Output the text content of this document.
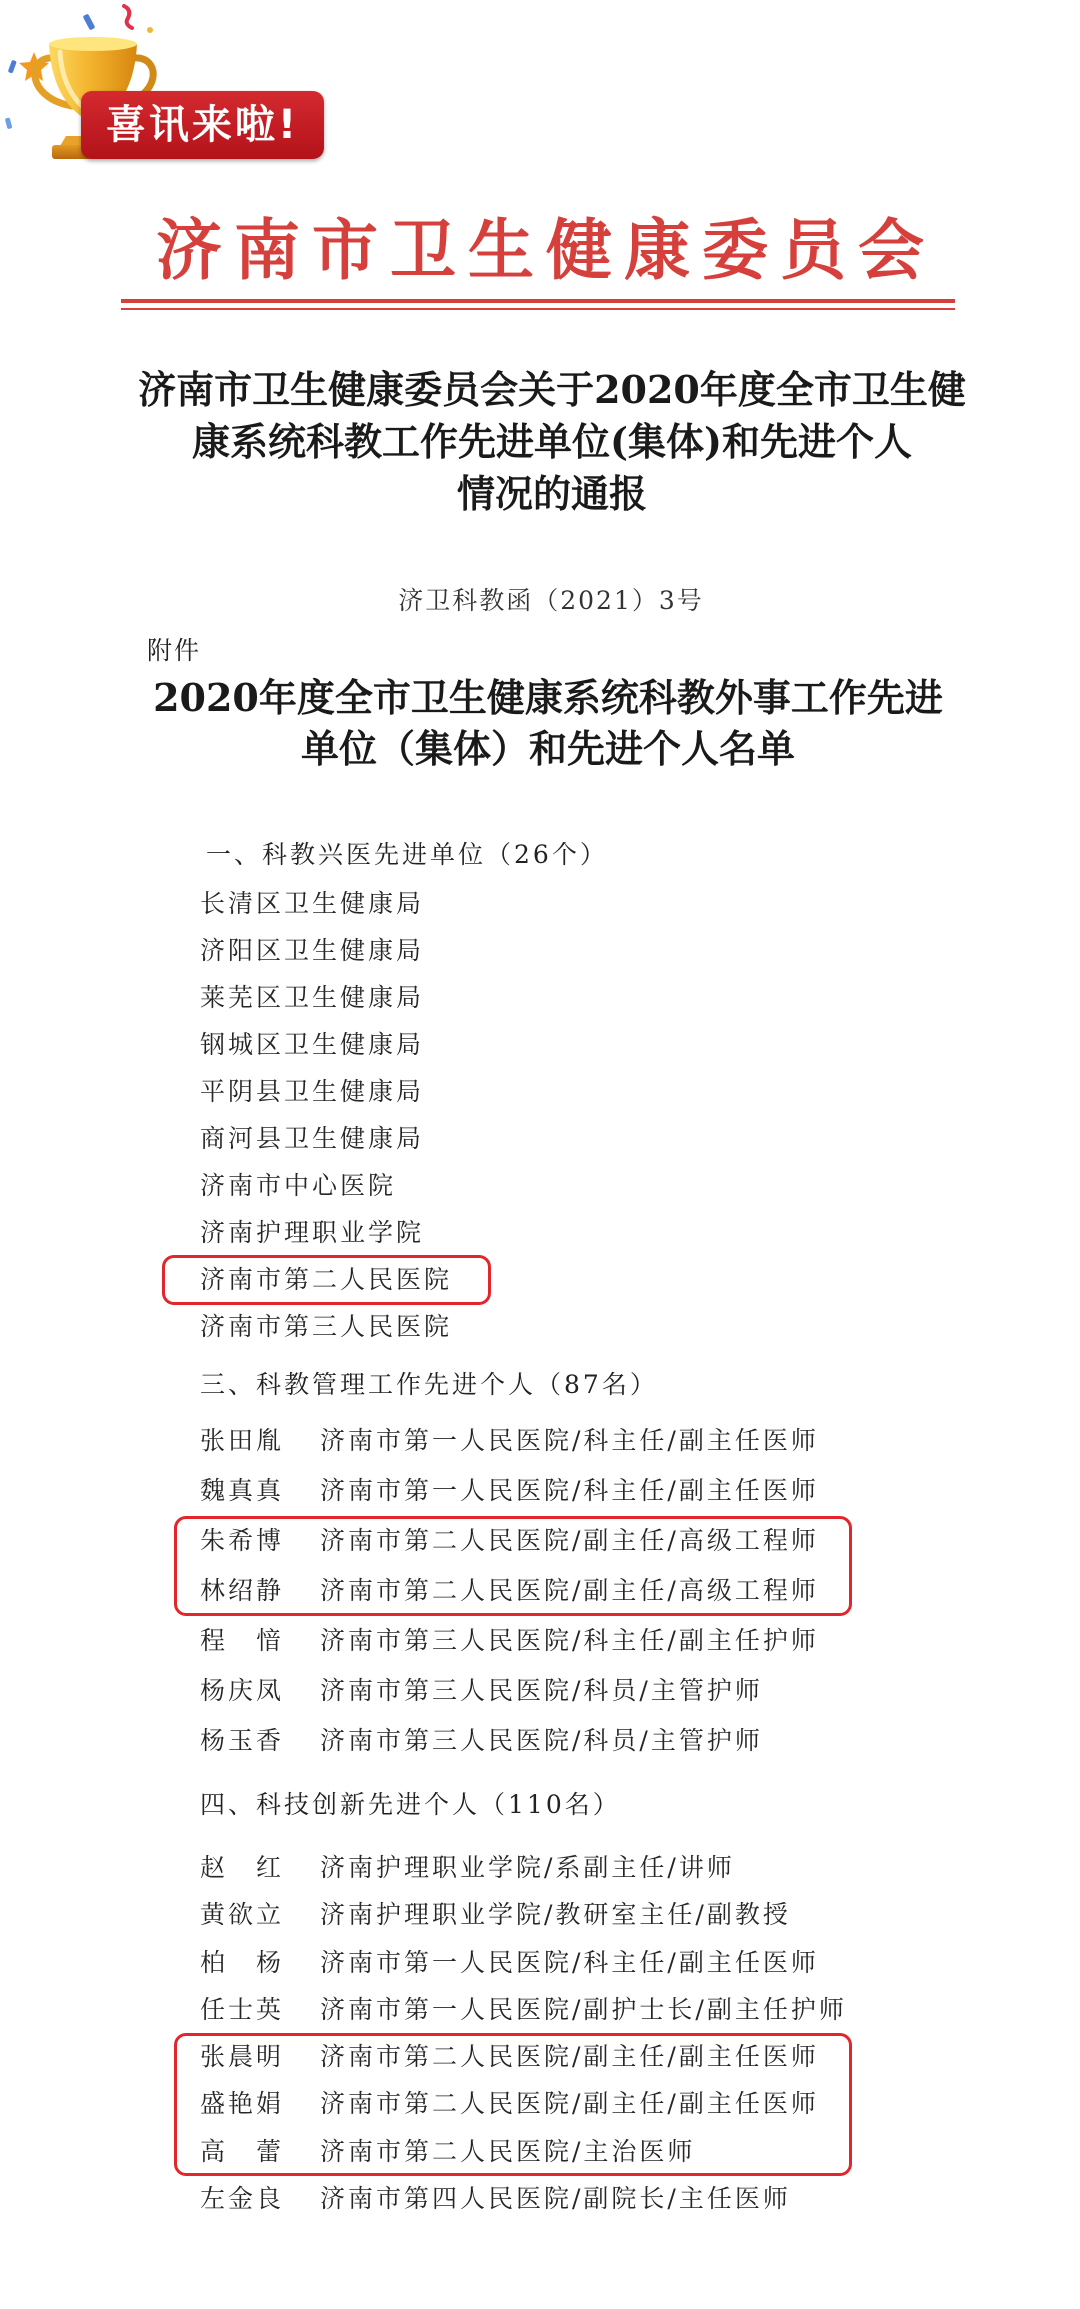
喜讯来啦!
济南市卫生健康委员会
济南市卫生健康委员会关于2020年度全市卫生健
康系统科教工作先进单位(集体)和先进个人
情况的通报
济卫科教函（2021）3号
附件
2020年度全市卫生健康系统科教外事工作先进
单位（集体）和先进个人名单
一、科教兴医先进单位（26个）
长清区卫生健康局
济阳区卫生健康局
莱芜区卫生健康局
钢城区卫生健康局
平阴县卫生健康局
商河县卫生健康局
济南市中心医院
济南护理职业学院
济南市第二人民医院
济南市第三人民医院
三、科教管理工作先进个人（87名）
张田胤 济南市第一人民医院/科主任/副主任医师
魏真真 济南市第一人民医院/科主任/副主任医师
朱希博 济南市第二人民医院/副主任/高级工程师
林绍静 济南市第二人民医院/副主任/高级工程师
程　愔 济南市第三人民医院/科主任/副主任护师
杨庆凤 济南市第三人民医院/科员/主管护师
杨玉香 济南市第三人民医院/科员/主管护师
四、科技创新先进个人（110名）
赵　红 济南护理职业学院/系副主任/讲师
黄欲立 济南护理职业学院/教研室主任/副教授
柏　杨 济南市第一人民医院/科主任/副主任医师
任士英 济南市第一人民医院/副护士长/副主任护师
张晨明 济南市第二人民医院/副主任/副主任医师
盛艳娟 济南市第二人民医院/副主任/副主任医师
高　蕾 济南市第二人民医院/主治医师
左金良 济南市第四人民医院/副院长/主任医师
